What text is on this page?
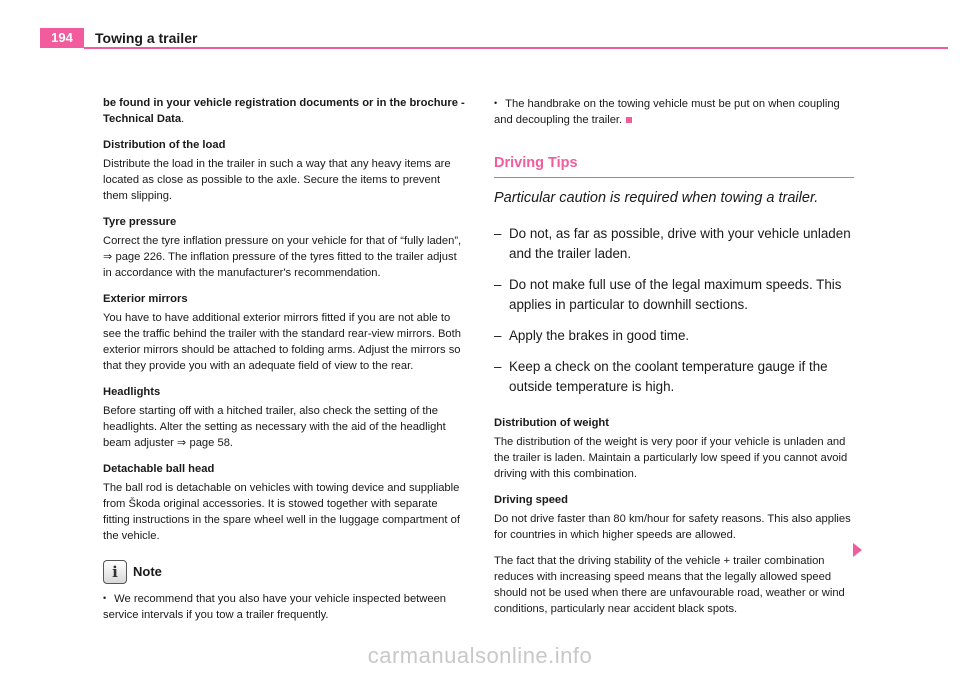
194	Towing a trailer

be found in your vehicle registration documents or in the brochure - Technical Data.

Distribution of the load

Distribute the load in the trailer in such a way that any heavy items are located as close as possible to the axle. Secure the items to prevent them slipping.

Tyre pressure

Correct the tyre inflation pressure on your vehicle for that of “fully laden”, ⇒ page 226. The inflation pressure of the tyres fitted to the trailer adjust in accordance with the manufacturer's recommendation.

Exterior mirrors

You have to have additional exterior mirrors fitted if you are not able to see the traffic behind the trailer with the standard rear-view mirrors. Both exterior mirrors should be attached to folding arms. Adjust the mirrors so that they provide you with an adequate field of view to the rear.

Headlights

Before starting off with a hitched trailer, also check the setting of the headlights. Alter the setting as necessary with the aid of the headlight beam adjuster ⇒ page 58.

Detachable ball head

The ball rod is detachable on vehicles with towing device and suppliable from Škoda original accessories. It is stowed together with separate fitting instructions in the spare wheel well in the luggage compartment of the vehicle.

i	Note

• We recommend that you also have your vehicle inspected between service intervals if you tow a trailer frequently.

• The handbrake on the towing vehicle must be put on when coupling and decoupling the trailer.

Driving Tips
Particular caution is required when towing a trailer.
– Do not, as far as possible, drive with your vehicle unladen and the trailer laden.
– Do not make full use of the legal maximum speeds. This applies in particular to downhill sections.
– Apply the brakes in good time.
– Keep a check on the coolant temperature gauge if the outside temperature is high.
Distribution of weight

The distribution of the weight is very poor if your vehicle is unladen and the trailer is laden. Maintain a particularly low speed if you cannot avoid driving with this combination.

Driving speed

Do not drive faster than 80 km/hour for safety reasons. This also applies for countries in which higher speeds are allowed.

The fact that the driving stability of the vehicle + trailer combination reduces with increasing speed means that the legally allowed speed should not be used when there are unfavourable road, weather or wind conditions, particularly near accident black spots.

carmanualsonline.info
